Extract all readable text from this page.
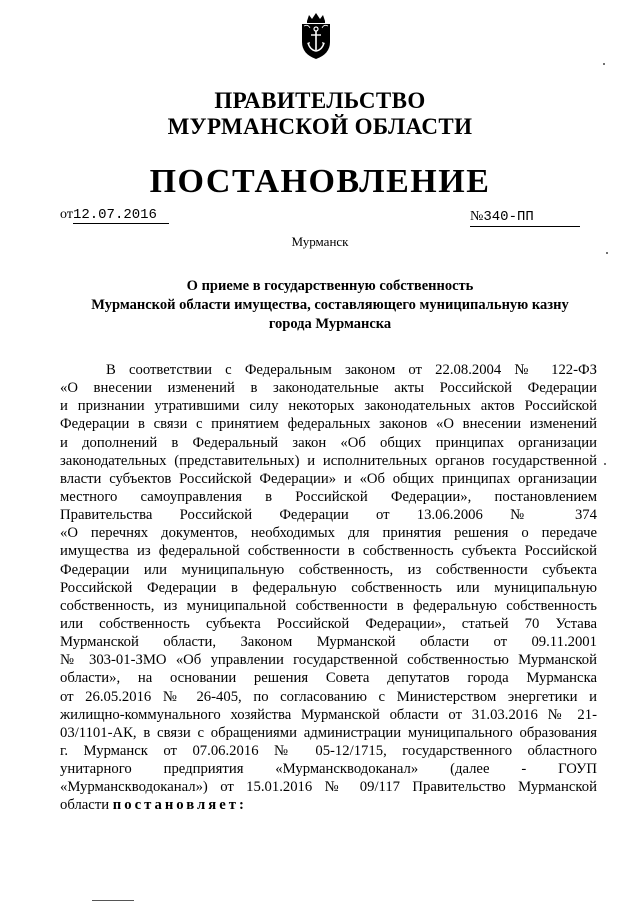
ПРАВИТЕЛЬСТВО
МУРМАНСКОЙ ОБЛАСТИ
ПОСТАНОВЛЕНИЕ
от12.07.2016	№340-ПП
Мурманск
О приеме в государственную собственность
Мурманской области имущества, составляющего муниципальную казну
города Мурманска
В соответствии с Федеральным законом от 22.08.2004 № 122-ФЗ
«О внесении изменений в законодательные акты Российской Федерации
и признании утратившими силу некоторых законодательных актов Российской
Федерации в связи с принятием федеральных законов «О внесении изменений
и дополнений в Федеральный закон «Об общих принципах организации
законодательных (представительных) и исполнительных органов государственной
власти субъектов Российской Федерации» и «Об общих принципах организации
местного самоуправления в Российской Федерации», постановлением
Правительства Российской Федерации от 13.06.2006 № 374
«О перечнях документов, необходимых для принятия решения о передаче
имущества из федеральной собственности в собственность субъекта Российской
Федерации или муниципальную собственность, из собственности субъекта
Российской Федерации в федеральную собственность или муниципальную
собственность, из муниципальной собственности в федеральную собственность
или собственность субъекта Российской Федерации», статьей 70 Устава
Мурманской области, Законом Мурманской области от 09.11.2001
№ 303-01-ЗМО «Об управлении государственной собственностью Мурманской
области», на основании решения Совета депутатов города Мурманска
от 26.05.2016 № 26-405, по согласованию с Министерством энергетики и
жилищно-коммунального хозяйства Мурманской области от 31.03.2016 № 21-
03/1101-АК, в связи с обращениями администрации муниципального образования
г. Мурманск от 07.06.2016 № 05-12/1715, государственного областного
унитарного предприятия «Мурманскводоканал» (далее - ГОУП
«Мурманскводоканал») от 15.01.2016 № 09/117 Правительство Мурманской
области постановляет:
